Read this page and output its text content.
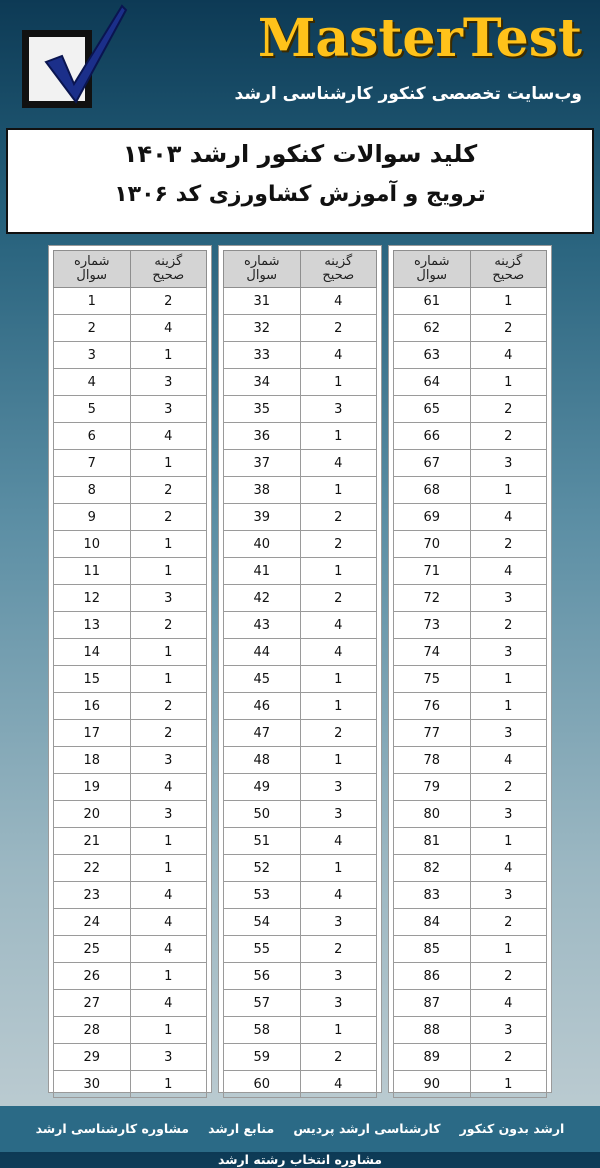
MasterTest
وب‌سایت تخصصی کنکور کارشناسی ارشد
کلید سوالات کنکور ارشد ۱۴۰۳
ترویج و آموزش کشاورزی کد ۱۳۰۶
شماره
سوال	گزینه
صحیح
1	2
2	4
3	1
4	3
5	3
6	4
7	1
8	2
9	2
10	1
11	1
12	3
13	2
14	1
15	1
16	2
17	2
18	3
19	4
20	3
21	1
22	1
23	4
24	4
25	4
26	1
27	4
28	1
29	3
30	1
شماره
سوال	گزینه
صحیح
31	4
32	2
33	4
34	1
35	3
36	1
37	4
38	1
39	2
40	2
41	1
42	2
43	4
44	4
45	1
46	1
47	2
48	1
49	3
50	3
51	4
52	1
53	4
54	3
55	2
56	3
57	3
58	1
59	2
60	4
شماره
سوال	گزینه
صحیح
61	1
62	2
63	4
64	1
65	2
66	2
67	3
68	1
69	4
70	2
71	4
72	3
73	2
74	3
75	1
76	1
77	3
78	4
79	2
80	3
81	1
82	4
83	3
84	2
85	1
86	2
87	4
88	3
89	2
90	1
ارشد بدون کنکور کارشناسی ارشد پردیس منابع ارشد مشاوره کارشناسی ارشد مشاوره انتخاب رشته ارشد
